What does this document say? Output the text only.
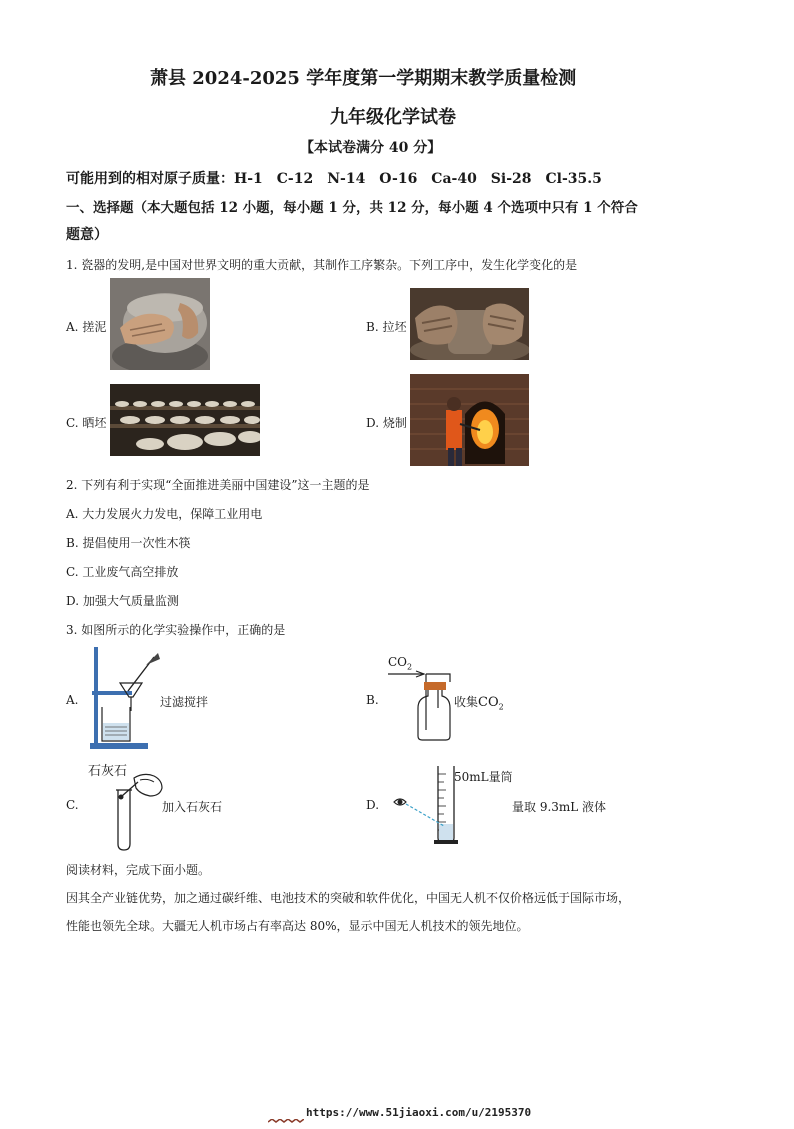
萧县 2024-2025 学年度第一学期期末教学质量检测
九年级化学试卷
【本试卷满分 40 分】
可能用到的相对原子质量：H-1　C-12　N-14　O-16　Ca-40　Si-28　Cl-35.5
一、选择题（本大题包括 12 小题，每小题 1 分，共 12 分，每小题 4 个选项中只有 1 个符合
题意）
1. 瓷器的发明,是中国对世界文明的重大贡献，其制作工序繁杂。下列工序中，发生化学变化的是
A. 搓泥	B. 拉坯
C. 晒坯	D. 烧制
2. 下列有利于实现“全面推进美丽中国建设”这一主题的是
A. 大力发展火力发电，保障工业用电
B. 提倡使用一次性木筷
C. 工业废气高空排放
D. 加强大气质量监测
3. 如图所示的化学实验操作中，正确的是
A.	过滤搅拌	B.
$CO_2$
收集$CO_2$
石灰石
C.	加入石灰石	D.
50mL量筒
量取 9.3mL 液体
阅读材料，完成下面小题。
因其全产业链优势，加之通过碳纤维、电池技术的突破和软件优化，中国无人机不仅价格远低于国际市场，
性能也领先全球。大疆无人机市场占有率高达 80%，显示中国无人机技术的领先地位。
https://www.51jiaoxi.com/u/2195370
